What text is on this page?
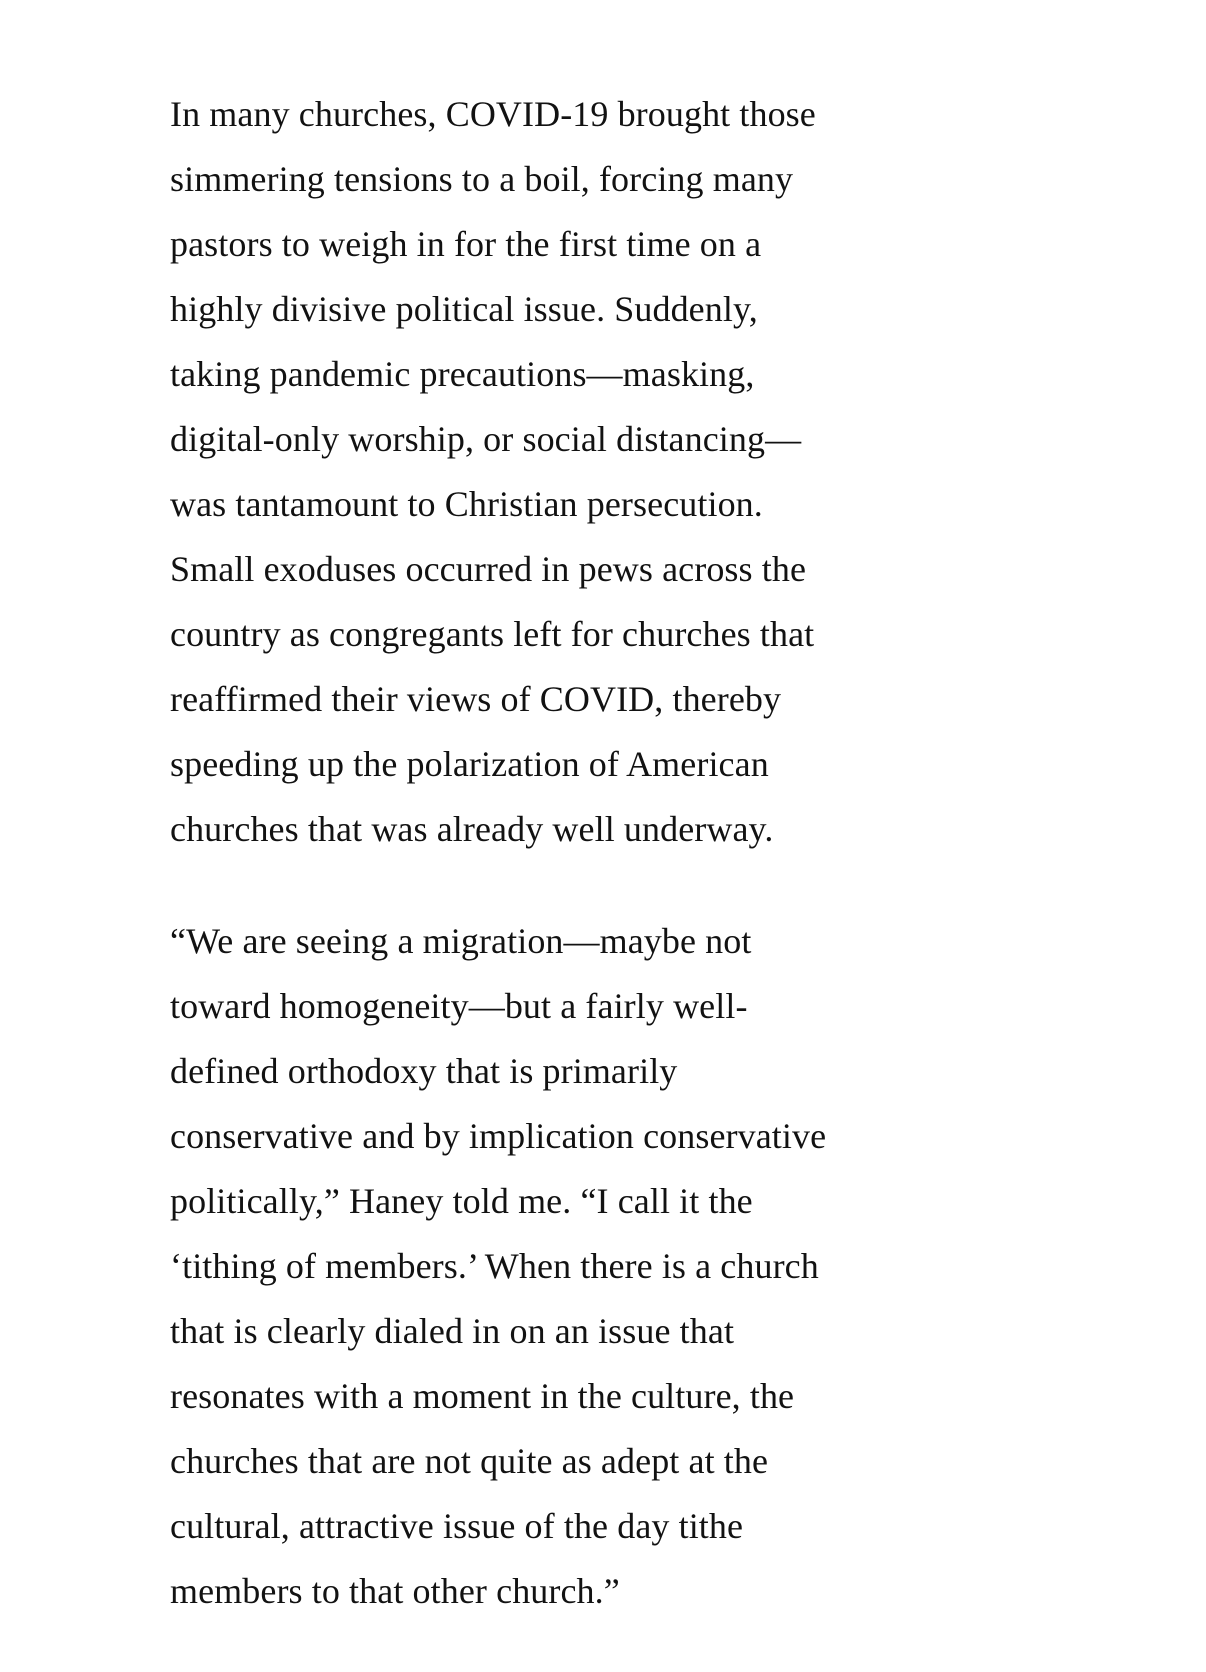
In many churches, COVID-19 brought those
simmering tensions to a boil, forcing many
pastors to weigh in for the first time on a
highly divisive political issue. Suddenly,
taking pandemic precautions—masking,
digital-only worship, or social distancing—
was tantamount to Christian persecution.
Small exoduses occurred in pews across the
country as congregants left for churches that
reaffirmed their views of COVID, thereby
speeding up the polarization of American
churches that was already well underway.

“We are seeing a migration—maybe not
toward homogeneity—but a fairly well-
defined orthodoxy that is primarily
conservative and by implication conservative
politically,” Haney told me. “I call it the
‘tithing of members.’ When there is a church
that is clearly dialed in on an issue that
resonates with a moment in the culture, the
churches that are not quite as adept at the
cultural, attractive issue of the day tithe
members to that other church.”
